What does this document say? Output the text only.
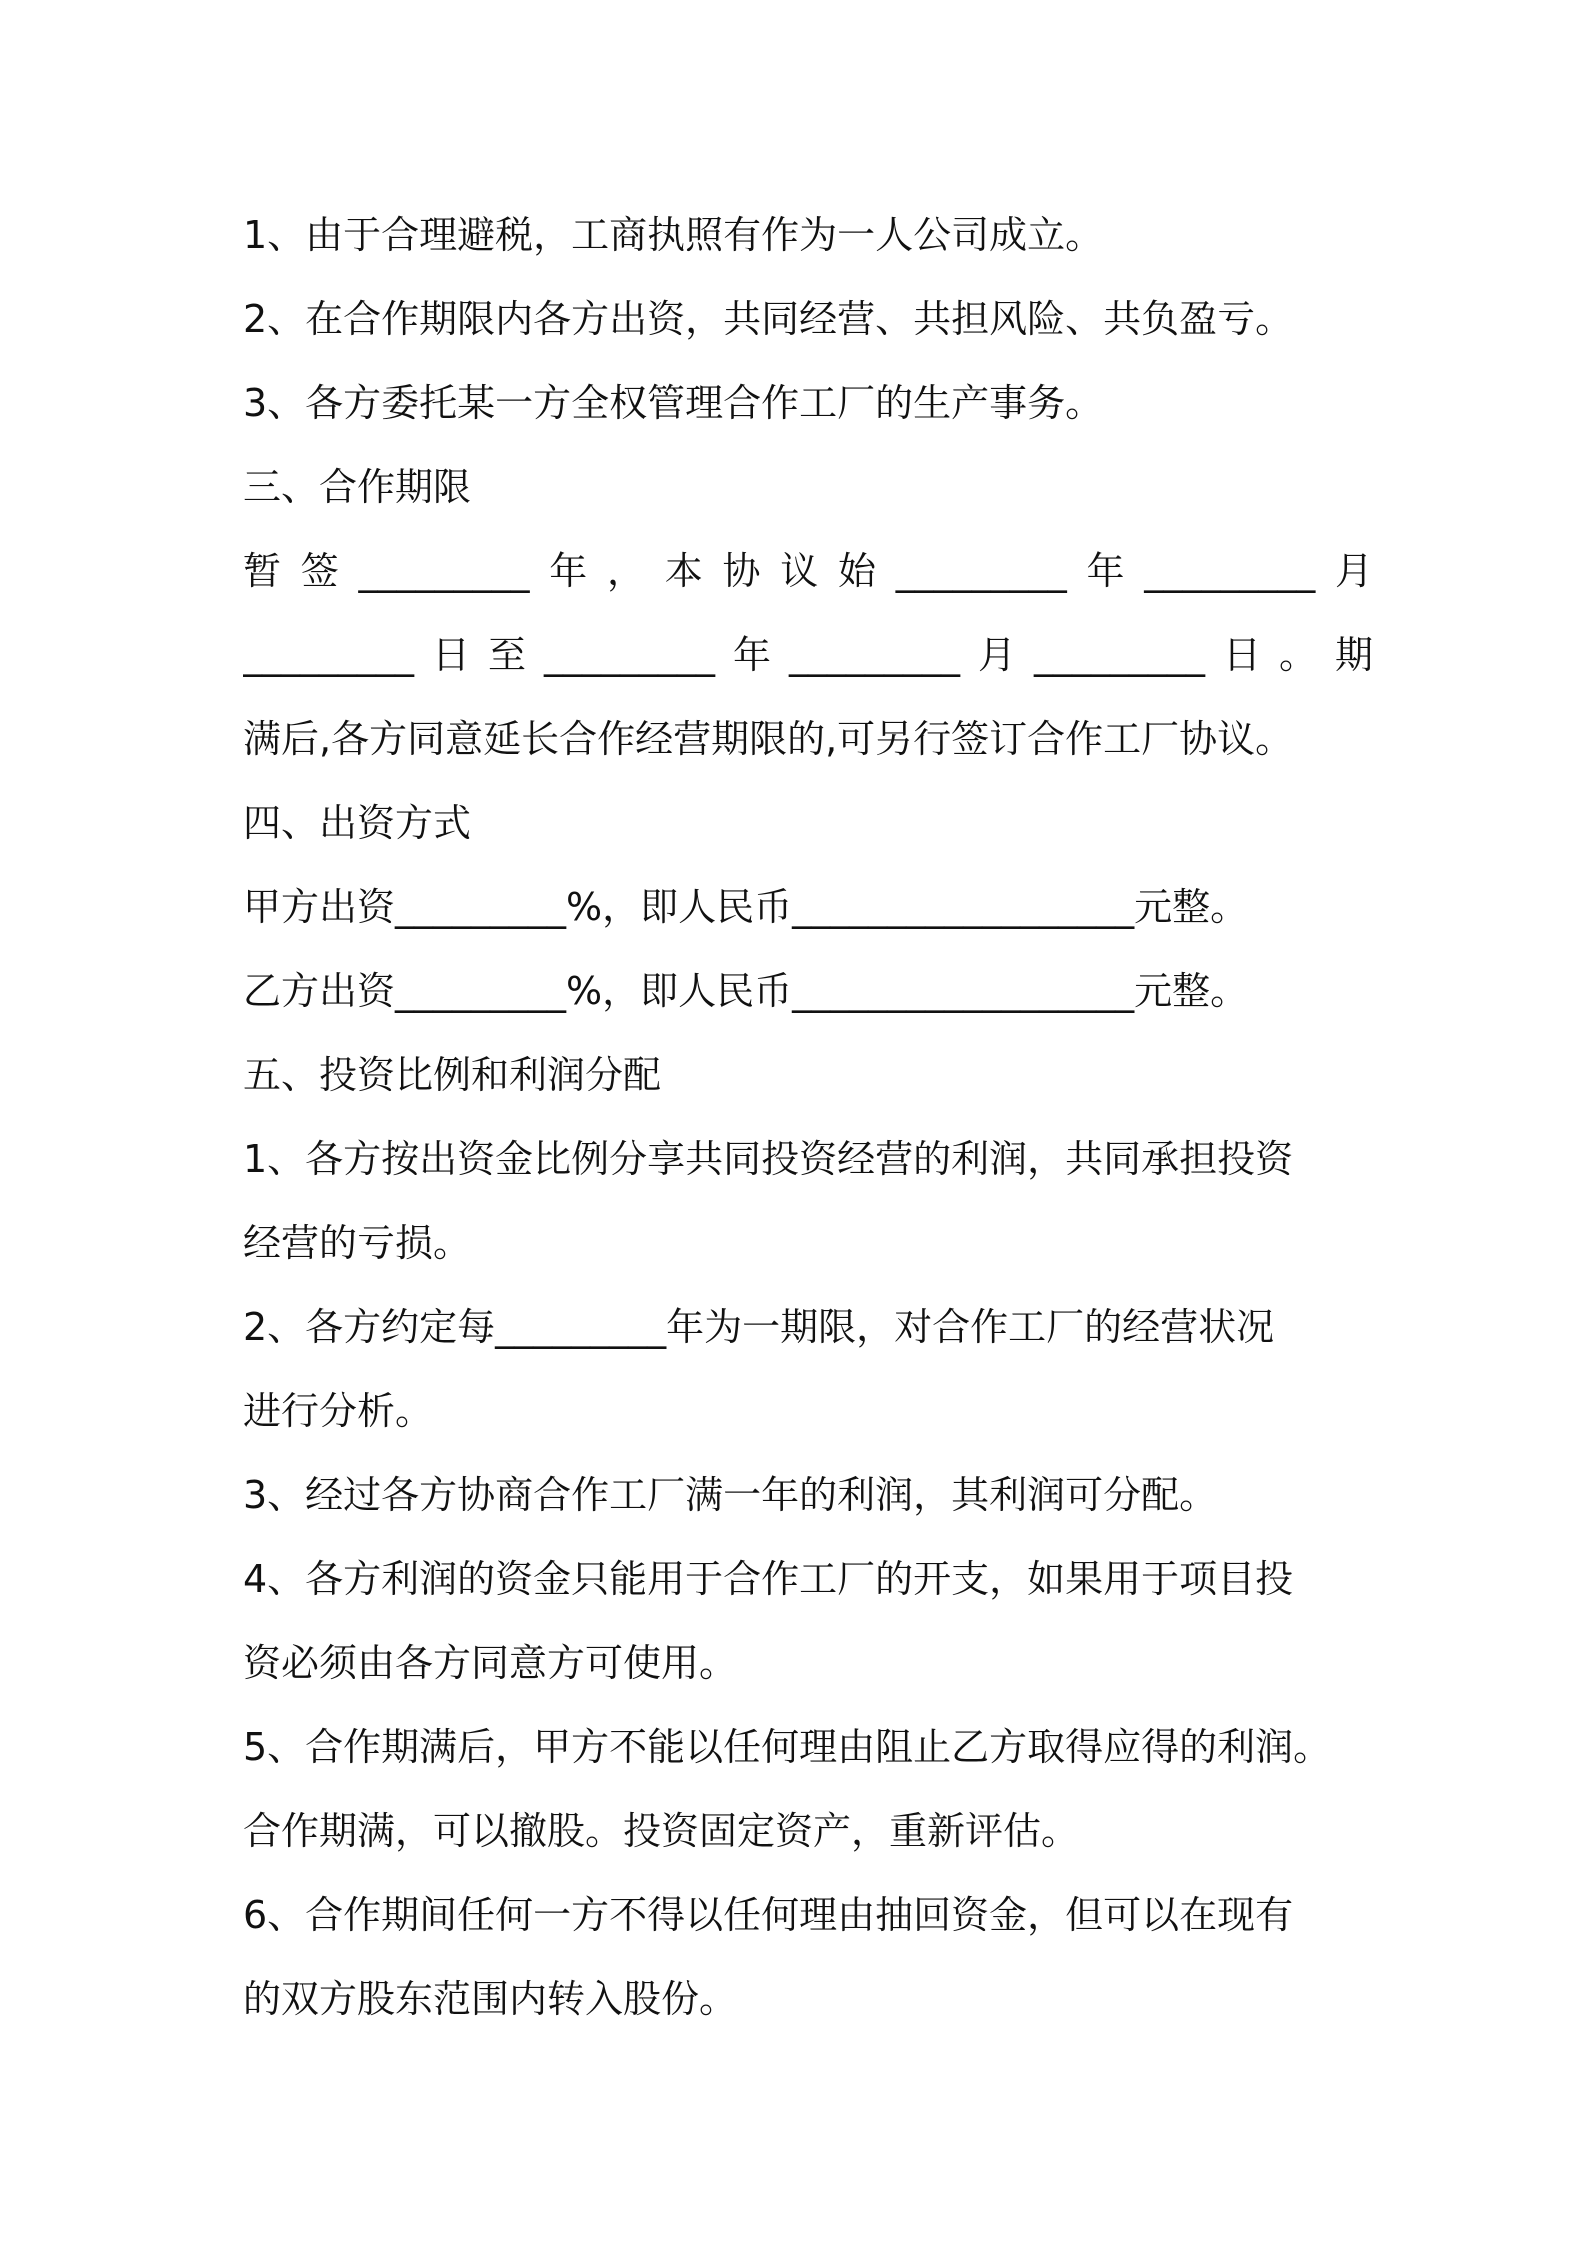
1、由于合理避税，工商执照有作为一人公司成立。
2、在合作期限内各方出资，共同经营、共担风险、共负盈亏。
3、各方委托某一方全权管理合作工厂的生产事务。
三、合作期限
暂签_________年，本协议始_________年_________月
_________日至_________年_________月_________日。期
满后,各方同意延长合作经营期限的,可另行签订合作工厂协议。
四、出资方式
甲方出资_________%，即人民币__________________元整。
乙方出资_________%，即人民币__________________元整。
五、投资比例和利润分配
1、各方按出资金比例分享共同投资经营的利润，共同承担投资
经营的亏损。
2、各方约定每_________年为一期限，对合作工厂的经营状况
进行分析。
3、经过各方协商合作工厂满一年的利润，其利润可分配。
4、各方利润的资金只能用于合作工厂的开支，如果用于项目投
资必须由各方同意方可使用。
5、合作期满后，甲方不能以任何理由阻止乙方取得应得的利润。
合作期满，可以撤股。投资固定资产，重新评估。
6、合作期间任何一方不得以任何理由抽回资金，但可以在现有
的双方股东范围内转入股份。
